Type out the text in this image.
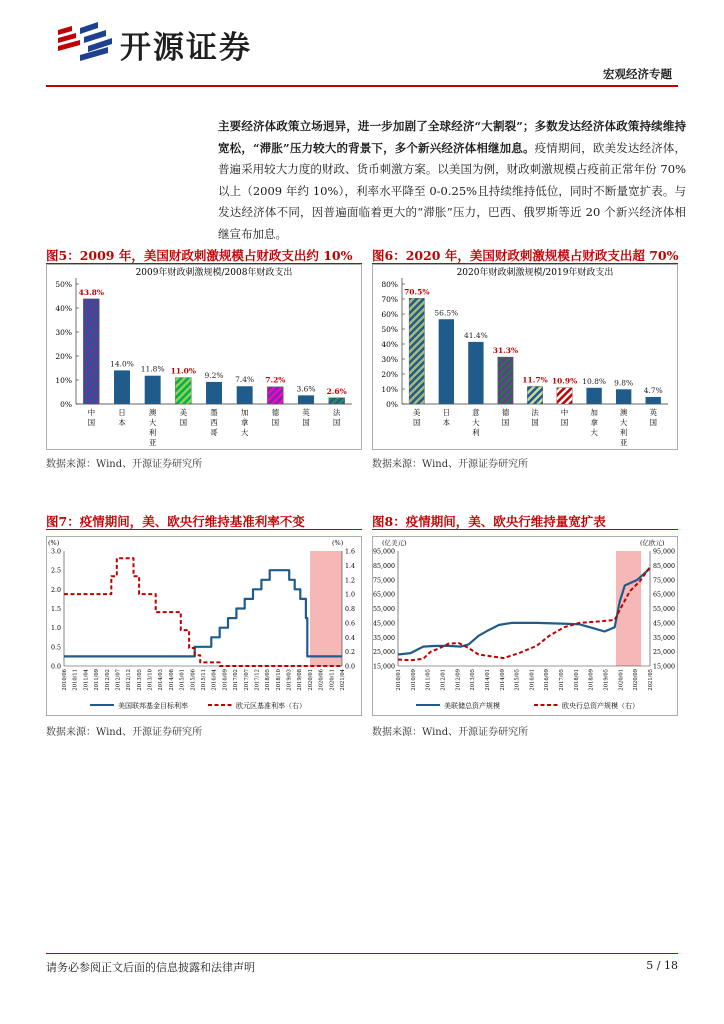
开源证券
宏观经济专题
主要经济体政策立场迥异，进一步加剧了全球经济“大割裂”；多数发达经济体政策持续维持宽松，“滞胀”压力较大的背景下，多个新兴经济体相继加息。疫情期间，欧美发达经济体，普遍采用较大力度的财政、货币刺激方案。以美国为例，财政刺激规模占疫前正常年份 70%以上（2009 年约 10%），利率水平降至 0-0.25%且持续维持低位，同时不断量宽扩表。与发达经济体不同，因普遍面临着更大的“滞胀”压力，巴西、俄罗斯等近 20 个新兴经济体相继宣布加息。
图5：2009 年，美国财政刺激规模占财政支出约 10%
2009年财政刺激规模/2008年财政支出
0%
10%
20%
30%
40%
50%
43.8%
中
国
14.0%
日
本
11.8%
澳
大
利
亚
11.0%
美
国
9.2%
墨
西
哥
7.4%
加
拿
大
7.2%
德
国
3.6%
英
国
2.6%
法
国
数据来源：Wind、开源证券研究所
图6：2020 年，美国财政刺激规模占财政支出超 70%
2020年财政刺激规模/2019年财政支出
0%
10%
20%
30%
40%
50%
60%
70%
80%
70.5%
美
国
56.5%
日
本
41.4%
意
大
利
31.3%
德
国
11.7%
法
国
10.9%
中
国
10.8%
加
拿
大
9.8%
澳
大
利
亚
4.7%
英
国
数据来源：Wind、开源证券研究所
图7：疫情期间，美、欧央行维持基准利率不变
(%)	(%)
0.0
0.5
1.0
1.5
2.0
2.5
3.0
0.0
0.2
0.4
0.6
0.8
1.0
1.2
1.4
1.6
2010/06 2010/11 2011/04 2011/09 2012/02 2012/07 2012/12 2013/05 2013/10 2014/03 2014/08 2015/01 2015/06 2015/11 2016/04 2016/09 2017/02 2017/07 2017/12 2018/05 2018/10 2019/03 2019/08 2020/01 2020/06 2020/11 2021/04
美国联邦基金目标利率	欧元区基准利率（右）
数据来源：Wind、开源证券研究所
图8：疫情期间，美、欧央行维持量宽扩表
(亿美元)	(亿欧元)
15,000
25,000
35,000
45,000
55,000
65,000
75,000
85,000
95,000
15,000
25,000
35,000
45,000
55,000
65,000
75,000
85,000
95,000
2010/01 2010/09 2011/05 2012/01 2012/09 2013/05 2014/01 2014/09 2015/05 2016/01 2016/09 2017/05 2018/01 2018/09 2019/05 2020/01 2020/09 2021/05
美联储总资产规模	欧央行总资产规模（右）
数据来源：Wind、开源证券研究所
请务必参阅正文后面的信息披露和法律声明	5 / 18
